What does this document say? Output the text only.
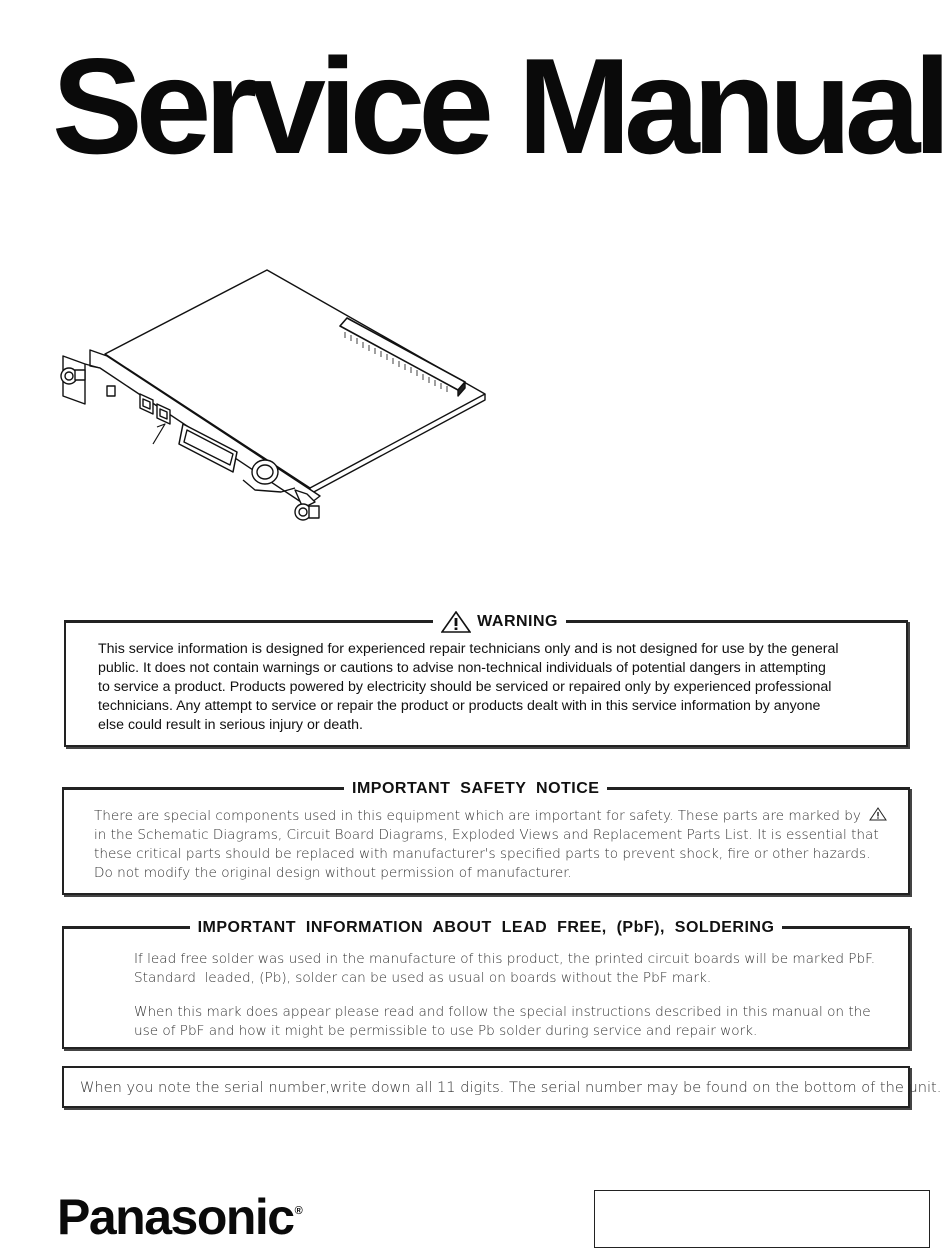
Service Manual
WARNING
This service information is designed for experienced repair technicians only and is not designed for use by the general
public. It does not contain warnings or cautions to advise non-technical individuals of potential dangers in attempting
to service a product. Products powered by electricity should be serviced or repaired only by experienced professional
technicians. Any attempt to service or repair the product or products dealt with in this service information by anyone
else could result in serious injury or death.
IMPORTANT  SAFETY  NOTICE
There are special components used in this equipment which are important for safety. These parts are marked by
in the Schematic Diagrams, Circuit Board Diagrams, Exploded Views and Replacement Parts List. It is essential that
these critical parts should be replaced with manufacturer's specified parts to prevent shock, fire or other hazards.
Do not modify the original design without permission of manufacturer.
IMPORTANT  INFORMATION  ABOUT  LEAD  FREE,  (PbF),  SOLDERING
If lead free solder was used in the manufacture of this product, the printed circuit boards will be marked PbF.
Standard  leaded, (Pb), solder can be used as usual on boards without the PbF mark.
When this mark does appear please read and follow the special instructions described in this manual on the
use of PbF and how it might be permissible to use Pb solder during service and repair work.
When you note the serial number,write down all 11 digits. The serial number may be found on the bottom of the unit.
Panasonic®
